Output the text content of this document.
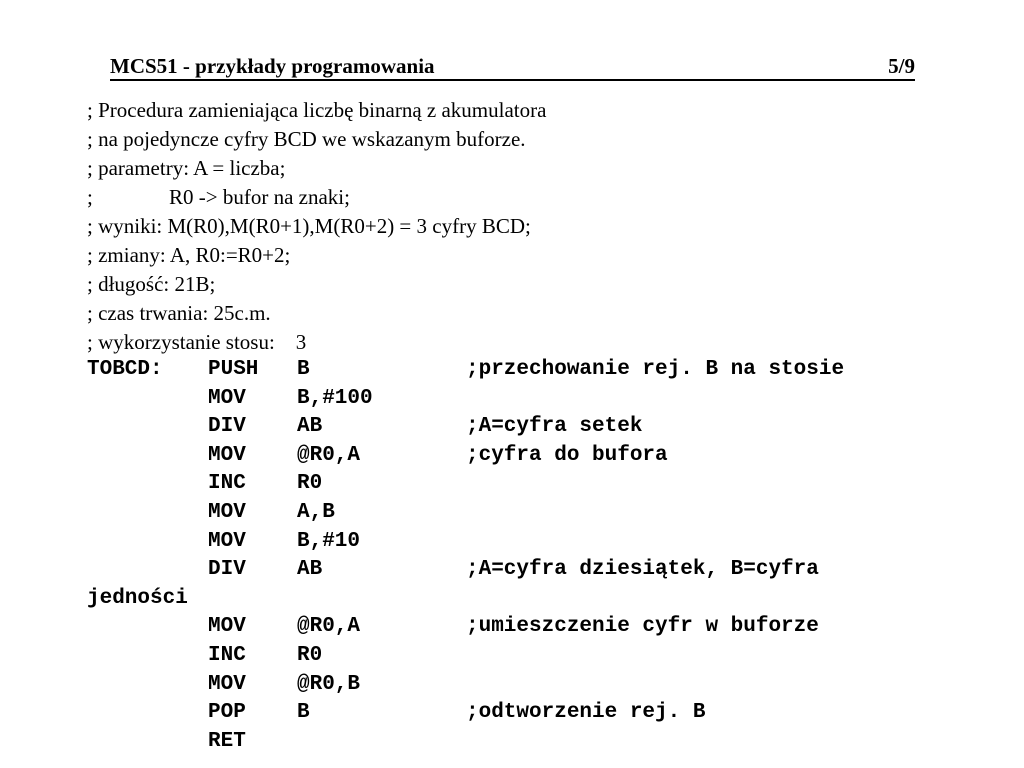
MCS51 - przykłady programowania	5/9
; Procedura zamieniająca liczbę binarną z akumulatora
; na pojedyncze cyfry BCD we wskazanym buforze.
; parametry: A = liczba;
;	R0 -> bufor na znaki;
; wyniki: M(R0),M(R0+1),M(R0+2) = 3 cyfry BCD;
; zmiany: A, R0:=R0+2;
; długość: 21B;
; czas trwania: 25c.m.
; wykorzystanie stosu:    3
TOBCD: PUSH B	;przechowanie rej. B na stosie
MOV B,#100
DIV AB	;A=cyfra setek
MOV @R0,A	;cyfra do bufora
INC R0
MOV A,B
MOV B,#10
DIV AB	;A=cyfra dziesiątek, B=cyfra
jedności
MOV @R0,A	;umieszczenie cyfr w buforze
INC R0
MOV @R0,B
POP B	;odtworzenie rej. B
RET
